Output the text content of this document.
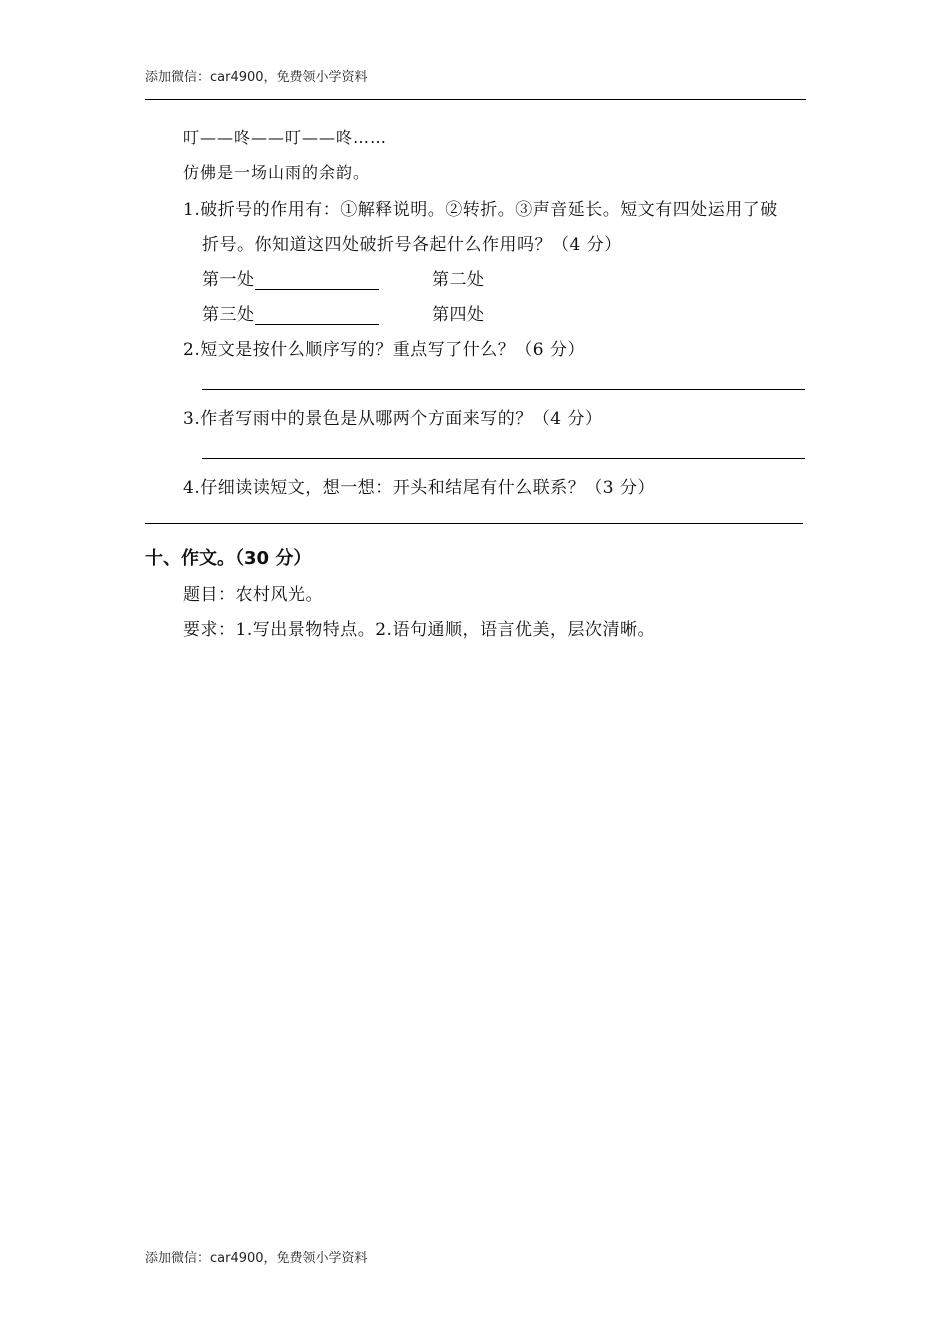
添加微信：car4900，免费领小学资料
叮——咚——叮——咚……
仿佛是一场山雨的余韵。
1.破折号的作用有：①解释说明。②转折。③声音延长。短文有四处运用了破
折号。你知道这四处破折号各起什么作用吗？（4 分）
第一处	第二处
第三处	第四处
2.短文是按什么顺序写的？重点写了什么？（6 分）
3.作者写雨中的景色是从哪两个方面来写的？（4 分）
4.仔细读读短文，想一想：开头和结尾有什么联系？（3 分）
十、作文。（30 分）
题目：农村风光。
要求：1.写出景物特点。2.语句通顺，语言优美，层次清晰。
添加微信：car4900，免费领小学资料
